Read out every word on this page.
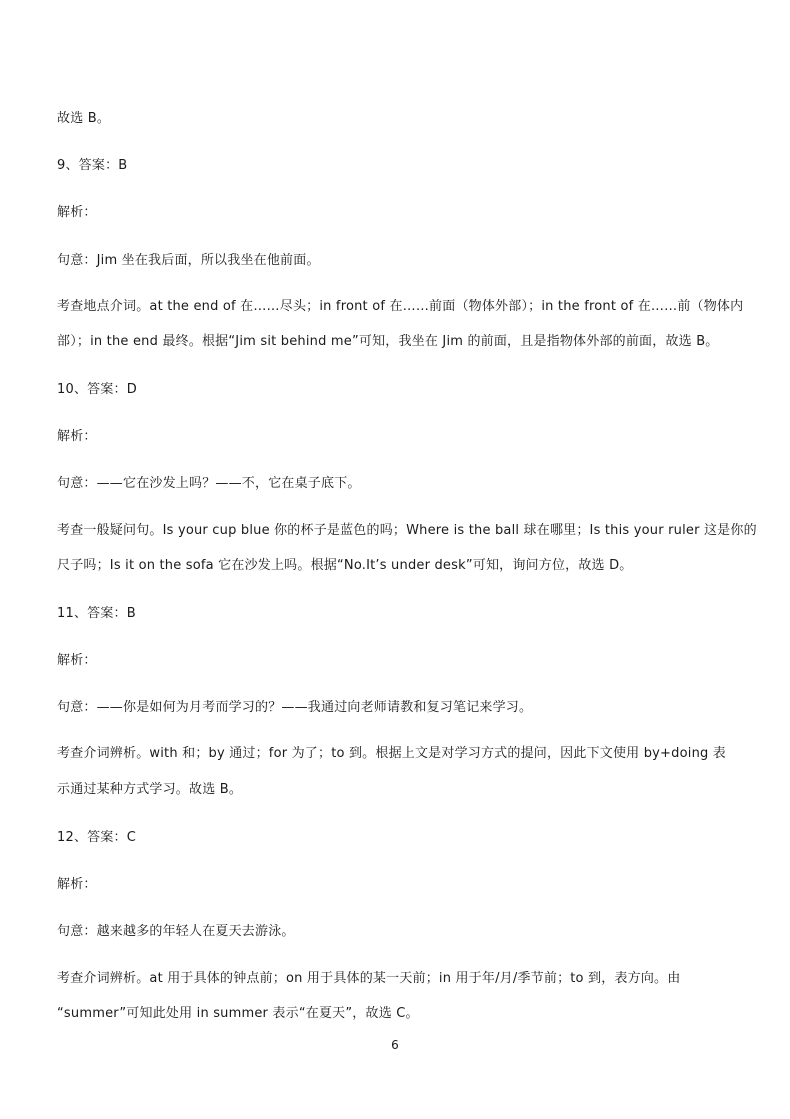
故选 B。
9、答案：B
解析：
句意：Jim 坐在我后面，所以我坐在他前面。
考查地点介词。at the end of 在……尽头；in front of 在……前面（物体外部）；in the front of 在……前（物体内
部）；in the end 最终。根据“Jim sit behind me”可知，我坐在 Jim 的前面，且是指物体外部的前面，故选 B。
10、答案：D
解析：
句意：——它在沙发上吗？——不，它在桌子底下。
考查一般疑问句。Is your cup blue 你的杯子是蓝色的吗；Where is the ball 球在哪里；Is this your ruler 这是你的
尺子吗；Is it on the sofa 它在沙发上吗。根据“No.It’s under desk”可知，询问方位，故选 D。
11、答案：B
解析：
句意：——你是如何为月考而学习的？——我通过向老师请教和复习笔记来学习。
考查介词辨析。with 和；by 通过；for 为了；to 到。根据上文是对学习方式的提问，因此下文使用 by+doing 表
示通过某种方式学习。故选 B。
12、答案：C
解析：
句意：越来越多的年轻人在夏天去游泳。
考查介词辨析。at 用于具体的钟点前；on 用于具体的某一天前；in 用于年/月/季节前；to 到，表方向。由
“summer”可知此处用 in summer 表示“在夏天”，故选 C。
6
